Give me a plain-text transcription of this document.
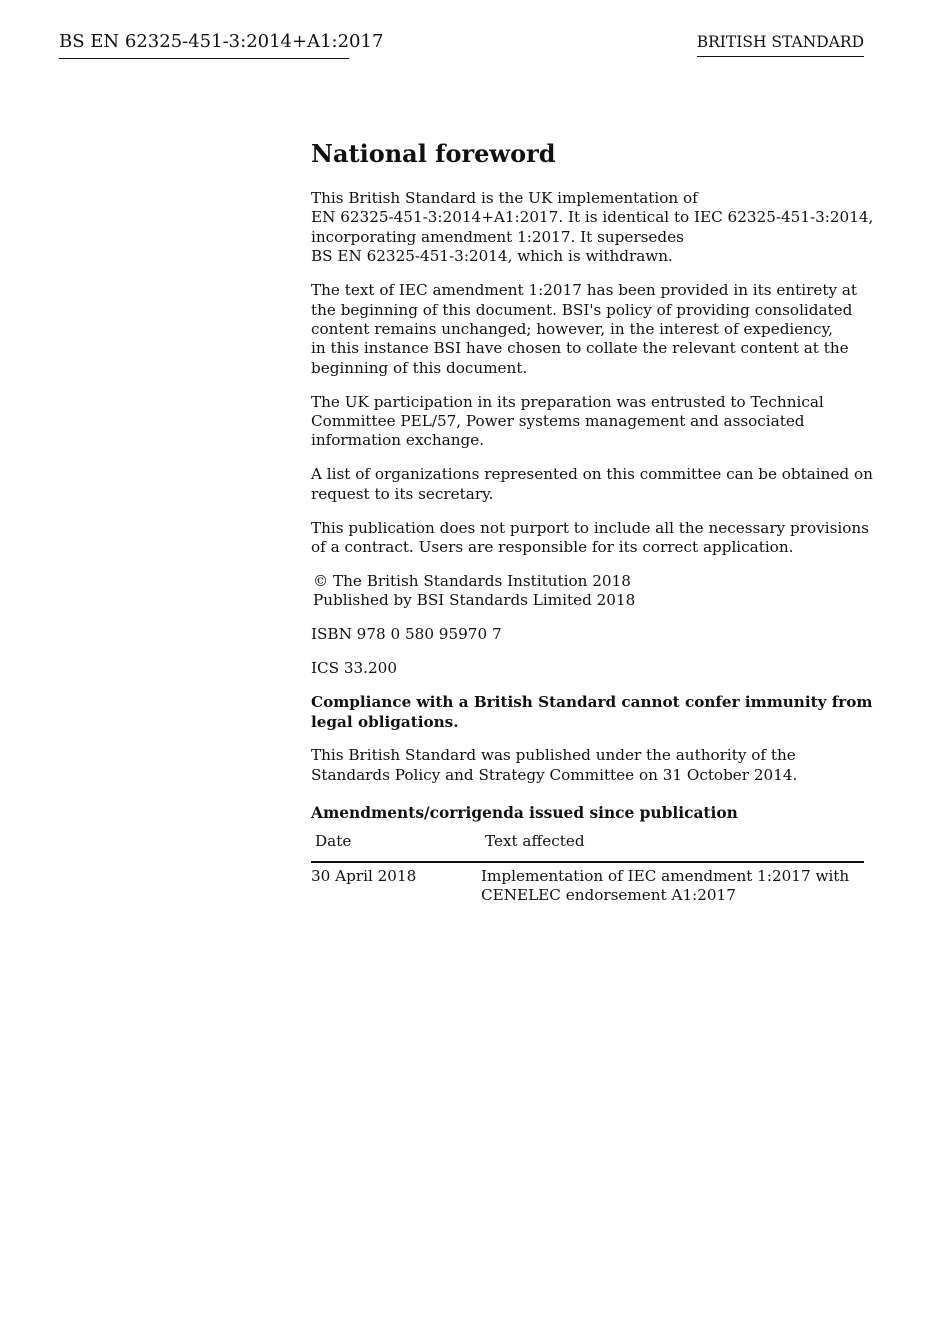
BS EN 62325-451-3:2014+A1:2017	BRITISH STANDARD
National foreword

This British Standard is the UK implementation of
EN 62325-451-3:2014+A1:2017. It is identical to IEC 62325-451-3:2014,
incorporating amendment 1:2017. It supersedes
BS EN 62325-451-3:2014, which is withdrawn.

The text of IEC amendment 1:2017 has been provided in its entirety at
the beginning of this document. BSI's policy of providing consolidated
content remains unchanged; however, in the interest of expediency,
in this instance BSI have chosen to collate the relevant content at the
beginning of this document.

The UK participation in its preparation was entrusted to Technical
Committee PEL/57, Power systems management and associated
information exchange.

A list of organizations represented on this committee can be obtained on
request to its secretary.

This publication does not purport to include all the necessary provisions
of a contract. Users are responsible for its correct application.

© The British Standards Institution 2018
Published by BSI Standards Limited 2018

ISBN 978 0 580 95970 7

ICS 33.200

Compliance with a British Standard cannot confer immunity from
legal obligations.

This British Standard was published under the authority of the
Standards Policy and Strategy Committee on 31 October 2014.

Amendments/corrigenda issued since publication
Date	Text affected
30 April 2018	Implementation of IEC amendment 1:2017 with
CENELEC endorsement A1:2017
